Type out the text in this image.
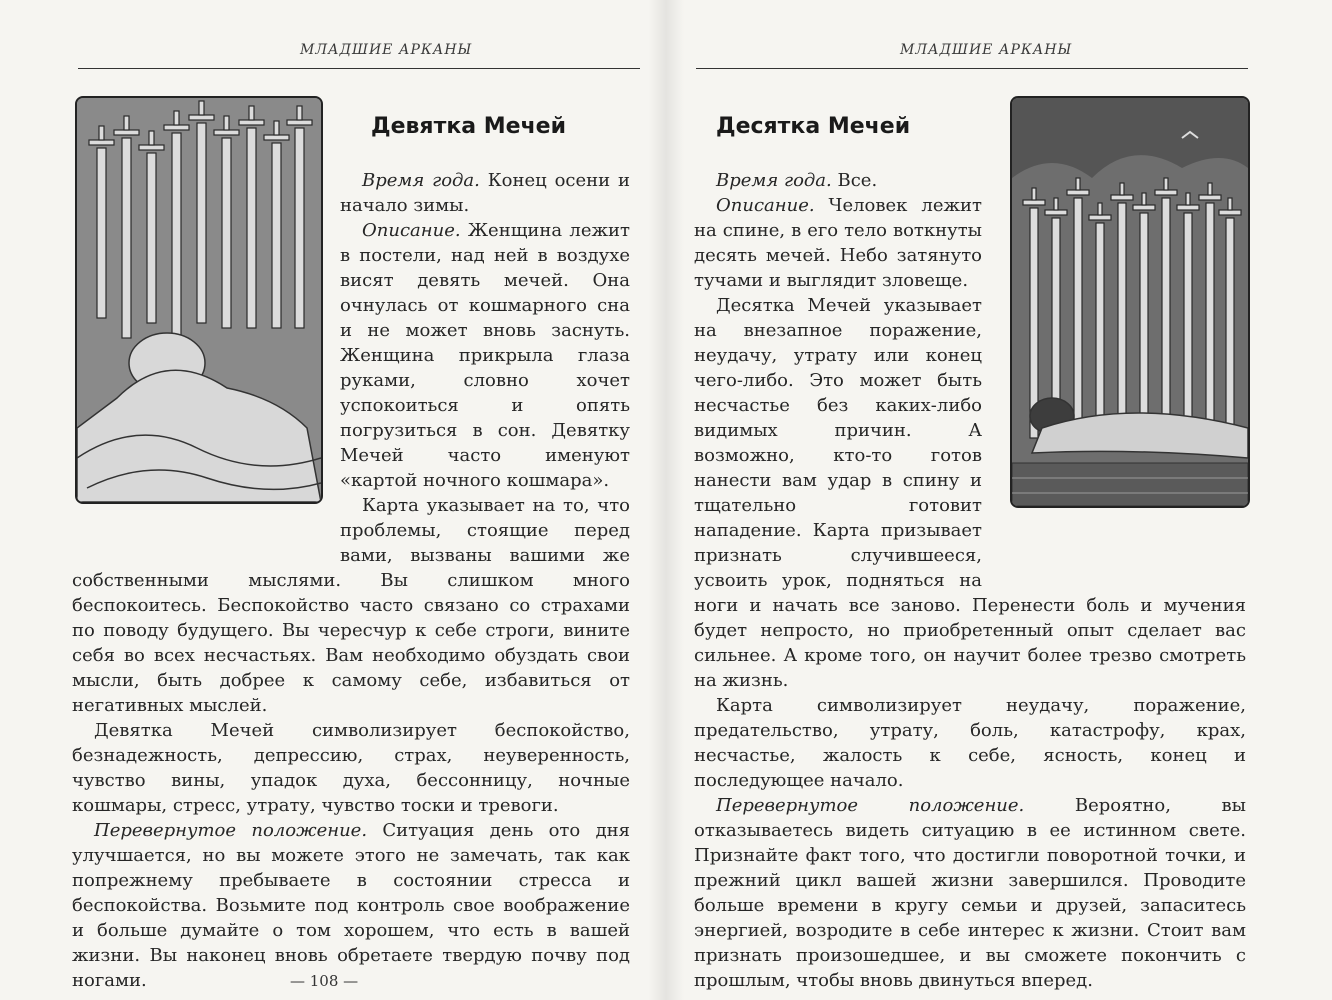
МЛАДШИЕ АРКАНЫ
Девятка Мечей

Время года. Конец осени и начало зимы.

Описание. Женщина лежит в постели, над ней в воздухе висят девять мечей. Она очнулась от кошмарного сна и не может вновь заснуть. Женщина прикрыла глаза руками, словно хочет успокоиться и опять погрузиться в сон. Девятку Мечей часто именуют «картой ночного кошмара».

Карта указывает на то, что проблемы, стоящие перед вами, вызваны вашими же собственными мыслями. Вы слишком много беспокоитесь. Беспокойство часто связано со страхами по поводу будущего. Вы чересчур к себе строги, вините себя во всех несчастьях. Вам необходимо обуздать свои мысли, быть добрее к самому себе, избавиться от негативных мыслей.

Девятка Мечей символизирует беспокойство, безнадежность, депрессию, страх, неуверенность, чувство вины, упадок духа, бессонницу, ночные кошмары, стресс, утрату, чувство тоски и тревоги.

Перевернутое положение. Ситуация день ото дня улучшается, но вы можете этого не замечать, так как попрежнему пребываете в состоянии стресса и беспокойства. Возьмите под контроль свое воображение и больше думайте о том хорошем, что есть в вашей жизни. Вы наконец вновь обретаете твердую почву под ногами.	— 108 —
МЛАДШИЕ АРКАНЫ
Десятка Мечей

Время года. Все.

Описание. Человек лежит на спине, в его тело воткнуты десять мечей. Небо затянуто тучами и выглядит зловеще.

Десятка Мечей указывает на внезапное поражение, неудачу, утрату или конец чего-либо. Это может быть несчастье без каких-либо видимых причин. А возможно, кто-то готов нанести вам удар в спину и тщательно готовит нападение. Карта призывает признать случившееся, усвоить урок, подняться на ноги и начать все заново. Перенести боль и мучения будет непросто, но приобретенный опыт сделает вас сильнее. А кроме того, он научит более трезво смотреть на жизнь.

Карта символизирует неудачу, поражение, предательство, утрату, боль, катастрофу, крах, несчастье, жалость к себе, ясность, конец и последующее начало.

Перевернутое положение. Вероятно, вы отказываетесь видеть ситуацию в ее истинном свете. Признайте факт того, что достигли поворотной точки, и прежний цикл вашей жизни завершился. Проводите больше времени в кругу семьи и друзей, запаситесь энергией, возродите в себе интерес к жизни. Стоит вам признать произошедшее, и вы сможете покончить с прошлым, чтобы вновь двинуться вперед.
